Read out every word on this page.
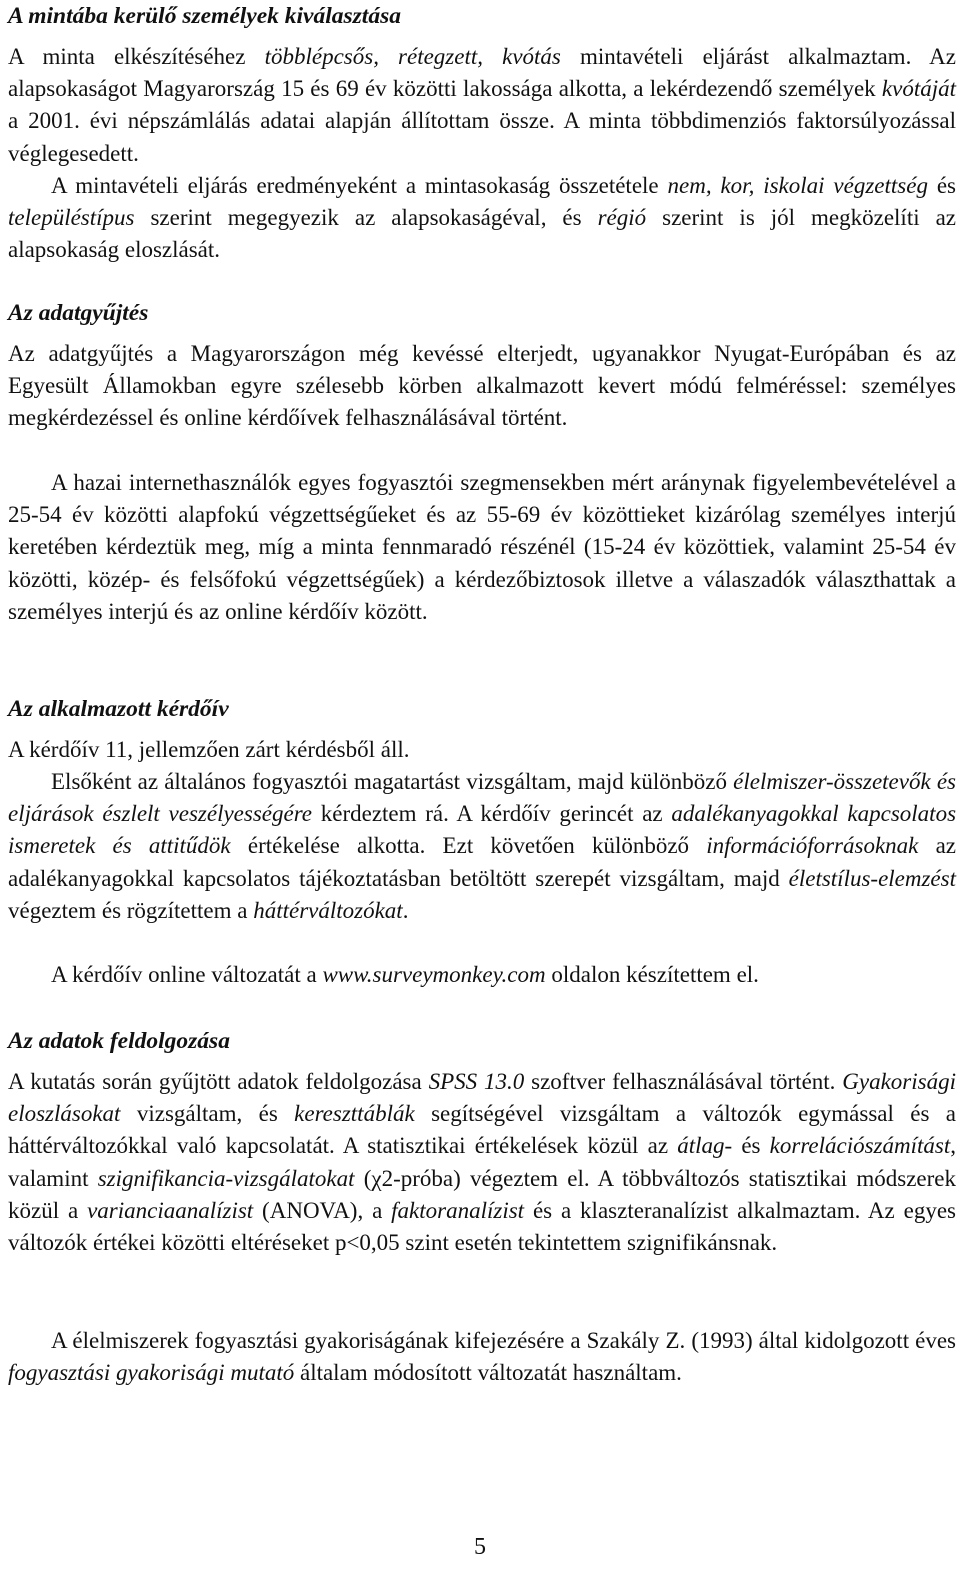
A mintába kerülő személyek kiválasztása

A minta elkészítéséhez többlépcsős, rétegzett, kvótás mintavételi eljárást alkalmaztam. Az alapsokaságot Magyarország 15 és 69 év közötti lakossága alkotta, a lekérdezendő személyek kvótáját a 2001. évi népszámlálás adatai alapján állítottam össze. A minta többdimenziós faktorsúlyozással véglegesedett.

A mintavételi eljárás eredményeként a mintasokaság összetétele nem, kor, iskolai végzettség és településtípus szerint megegyezik az alapsokaságéval, és régió szerint is jól megközelíti az alapsokaság eloszlását.

Az adatgyűjtés

Az adatgyűjtés a Magyarországon még kevéssé elterjedt, ugyanakkor Nyugat-Európában és az Egyesült Államokban egyre szélesebb körben alkalmazott kevert módú felméréssel: személyes megkérdezéssel és online kérdőívek felhasználásával történt.

A hazai internethasználók egyes fogyasztói szegmensekben mért aránynak figyelembevételével a 25-54 év közötti alapfokú végzettségűeket és az 55-69 év közöttieket kizárólag személyes interjú keretében kérdeztük meg, míg a minta fennmaradó részénél (15-24 év közöttiek, valamint 25-54 év közötti, közép- és felsőfokú végzettségűek) a kérdezőbiztosok illetve a válaszadók választhattak a személyes interjú és az online kérdőív között.

Az alkalmazott kérdőív

A kérdőív 11, jellemzően zárt kérdésből áll.

Elsőként az általános fogyasztói magatartást vizsgáltam, majd különböző élelmiszer-összetevők és eljárások észlelt veszélyességére kérdeztem rá. A kérdőív gerincét az adalékanyagokkal kapcsolatos ismeretek és attitűdök értékelése alkotta. Ezt követően különböző információforrásoknak az adalékanyagokkal kapcsolatos tájékoztatásban betöltött szerepét vizsgáltam, majd életstílus-elemzést végeztem és rögzítettem a háttérváltozókat.

A kérdőív online változatát a www.surveymonkey.com oldalon készítettem el.

Az adatok feldolgozása

A kutatás során gyűjtött adatok feldolgozása SPSS 13.0 szoftver felhasználásával történt. Gyakorisági eloszlásokat vizsgáltam, és kereszttáblák segítségével vizsgáltam a változók egymással és a háttérváltozókkal való kapcsolatát. A statisztikai értékelések közül az átlag- és korrelációszámítást, valamint szignifikancia-vizsgálatokat (χ2-próba) végeztem el. A többváltozós statisztikai módszerek közül a varianciaanalízist (ANOVA), a faktoranalízist és a klaszteranalízist alkalmaztam. Az egyes változók értékei közötti eltéréseket p<0,05 szint esetén tekintettem szignifikánsnak.

A élelmiszerek fogyasztási gyakoriságának kifejezésére a Szakály Z. (1993) által kidolgozott éves fogyasztási gyakorisági mutató általam módosított változatát használtam.

5
